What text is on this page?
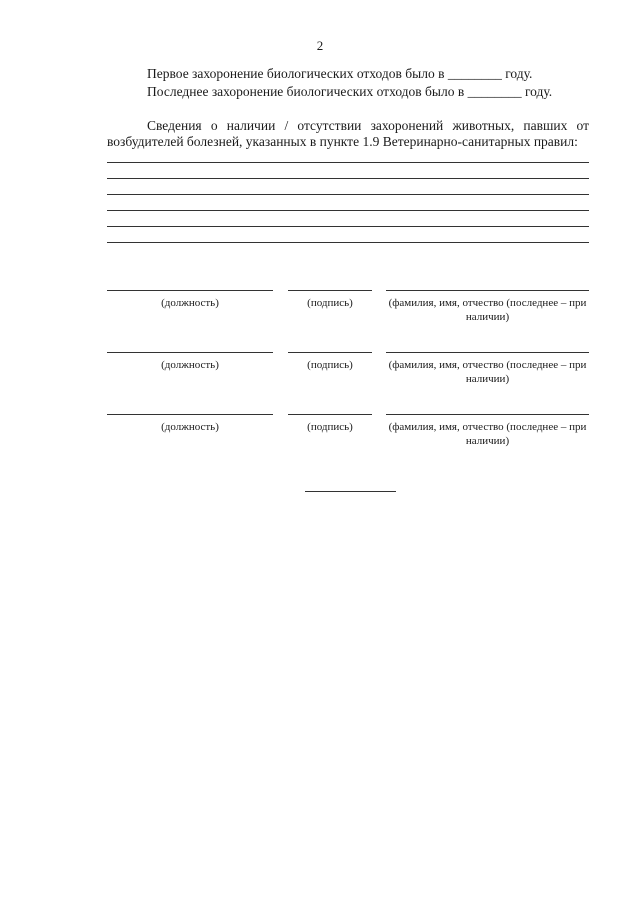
2
Первое захоронение биологических отходов было в ________ году.
Последнее захоронение биологических отходов было в ________ году.
Сведения о наличии / отсутствии захоронений животных, павших от возбудителей болезней, указанных в пункте 1.9 Ветеринарно-санитарных правил:
(должность)	(подпись)	(фамилия, имя, отчество (последнее – при наличии)
(должность)	(подпись)	(фамилия, имя, отчество (последнее – при наличии)
(должность)	(подпись)	(фамилия, имя, отчество (последнее – при наличии)
